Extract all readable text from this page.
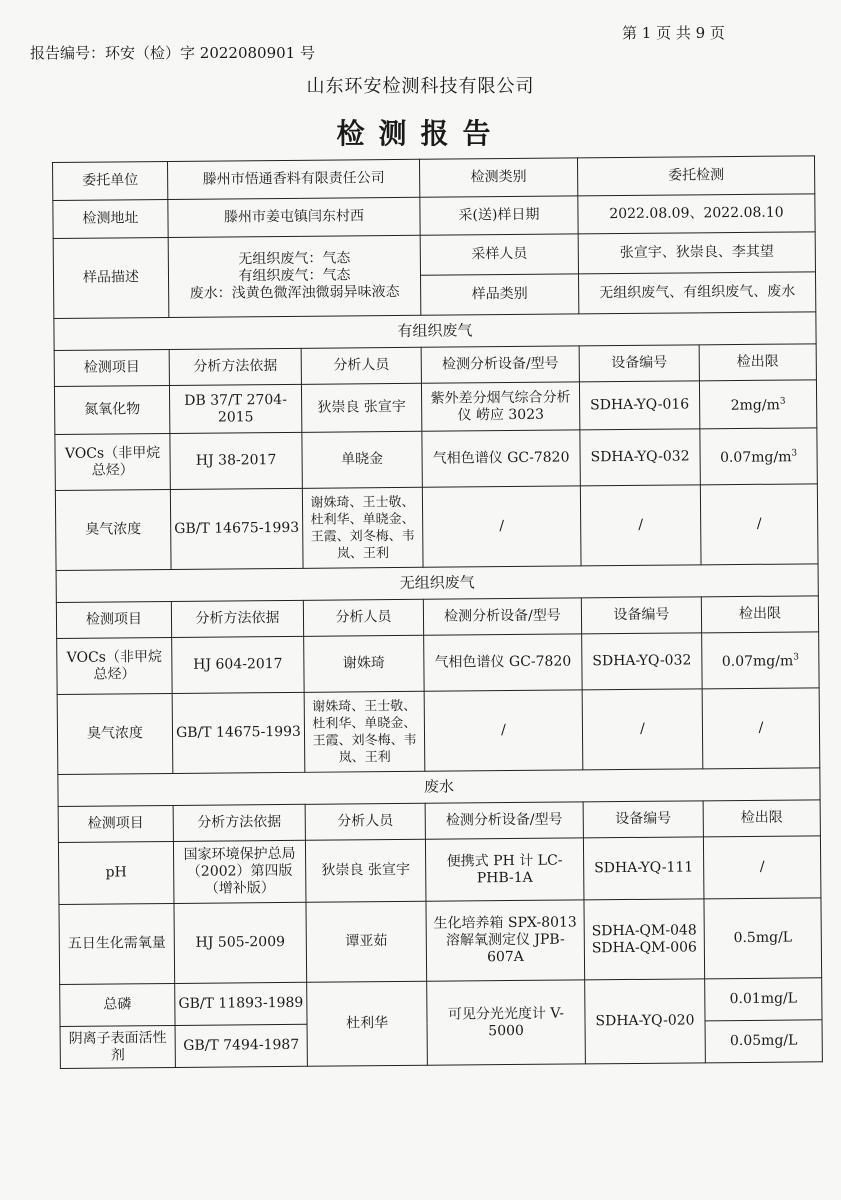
第 1 页 共 9 页
报告编号：环安（检）字 2022080901 号
山东环安检测科技有限公司
检测报告
委托单位	滕州市悟通香料有限责任公司		检测类别	委托检测	
检测地址	滕州市姜屯镇闫东村西		采(送)样日期	2022.08.09、2022.08.10	
样品描述	无组织废气：气态
有组织废气：气态
废水：浅黄色微浑浊微弱异味液态		采样人员	张宣宇、狄崇良、李其望	
			样品类别	无组织废气、有组织废气、废水	
有组织废气					
检测项目	分析方法依据	分析人员	检测分析设备/型号	设备编号	检出限
氮氧化物	DB 37/T 2704-2015	狄崇良 张宣宇	紫外差分烟气综合分析仪 崂应 3023	SDHA-YQ-016	$2mg/m^3$
VOCs（非甲烷总烃）	HJ 38-2017	单晓金	气相色谱仪 GC-7820	SDHA-YQ-032	$0.07mg/m^3$
臭气浓度	GB/T 14675-1993	谢姝琦、王士敬、杜利华、单晓金、王霞、刘冬梅、韦岚、王利	/	/	/
无组织废气					
检测项目	分析方法依据	分析人员	检测分析设备/型号	设备编号	检出限
VOCs（非甲烷总烃）	HJ 604-2017	谢姝琦	气相色谱仪 GC-7820	SDHA-YQ-032	$0.07mg/m^3$
臭气浓度	GB/T 14675-1993	谢姝琦、王士敬、杜利华、单晓金、王霞、刘冬梅、韦岚、王利	/	/	/
废水					
检测项目	分析方法依据	分析人员	检测分析设备/型号	设备编号	检出限
pH	国家环境保护总局（2002）第四版（增补版）	狄崇良 张宣宇	便携式 PH 计 LC-PHB-1A	SDHA-YQ-111	/
五日生化需氧量	HJ 505-2009	谭亚茹	生化培养箱 SPX-8013 溶解氧测定仪 JPB-607A	SDHA-QM-048 SDHA-QM-006	0.5mg/L
总磷	GB/T 11893-1989	杜利华	可见分光光度计 V-5000	SDHA-YQ-020	0.01mg/L
阴离子表面活性剂	GB/T 7494-1987				0.05mg/L
